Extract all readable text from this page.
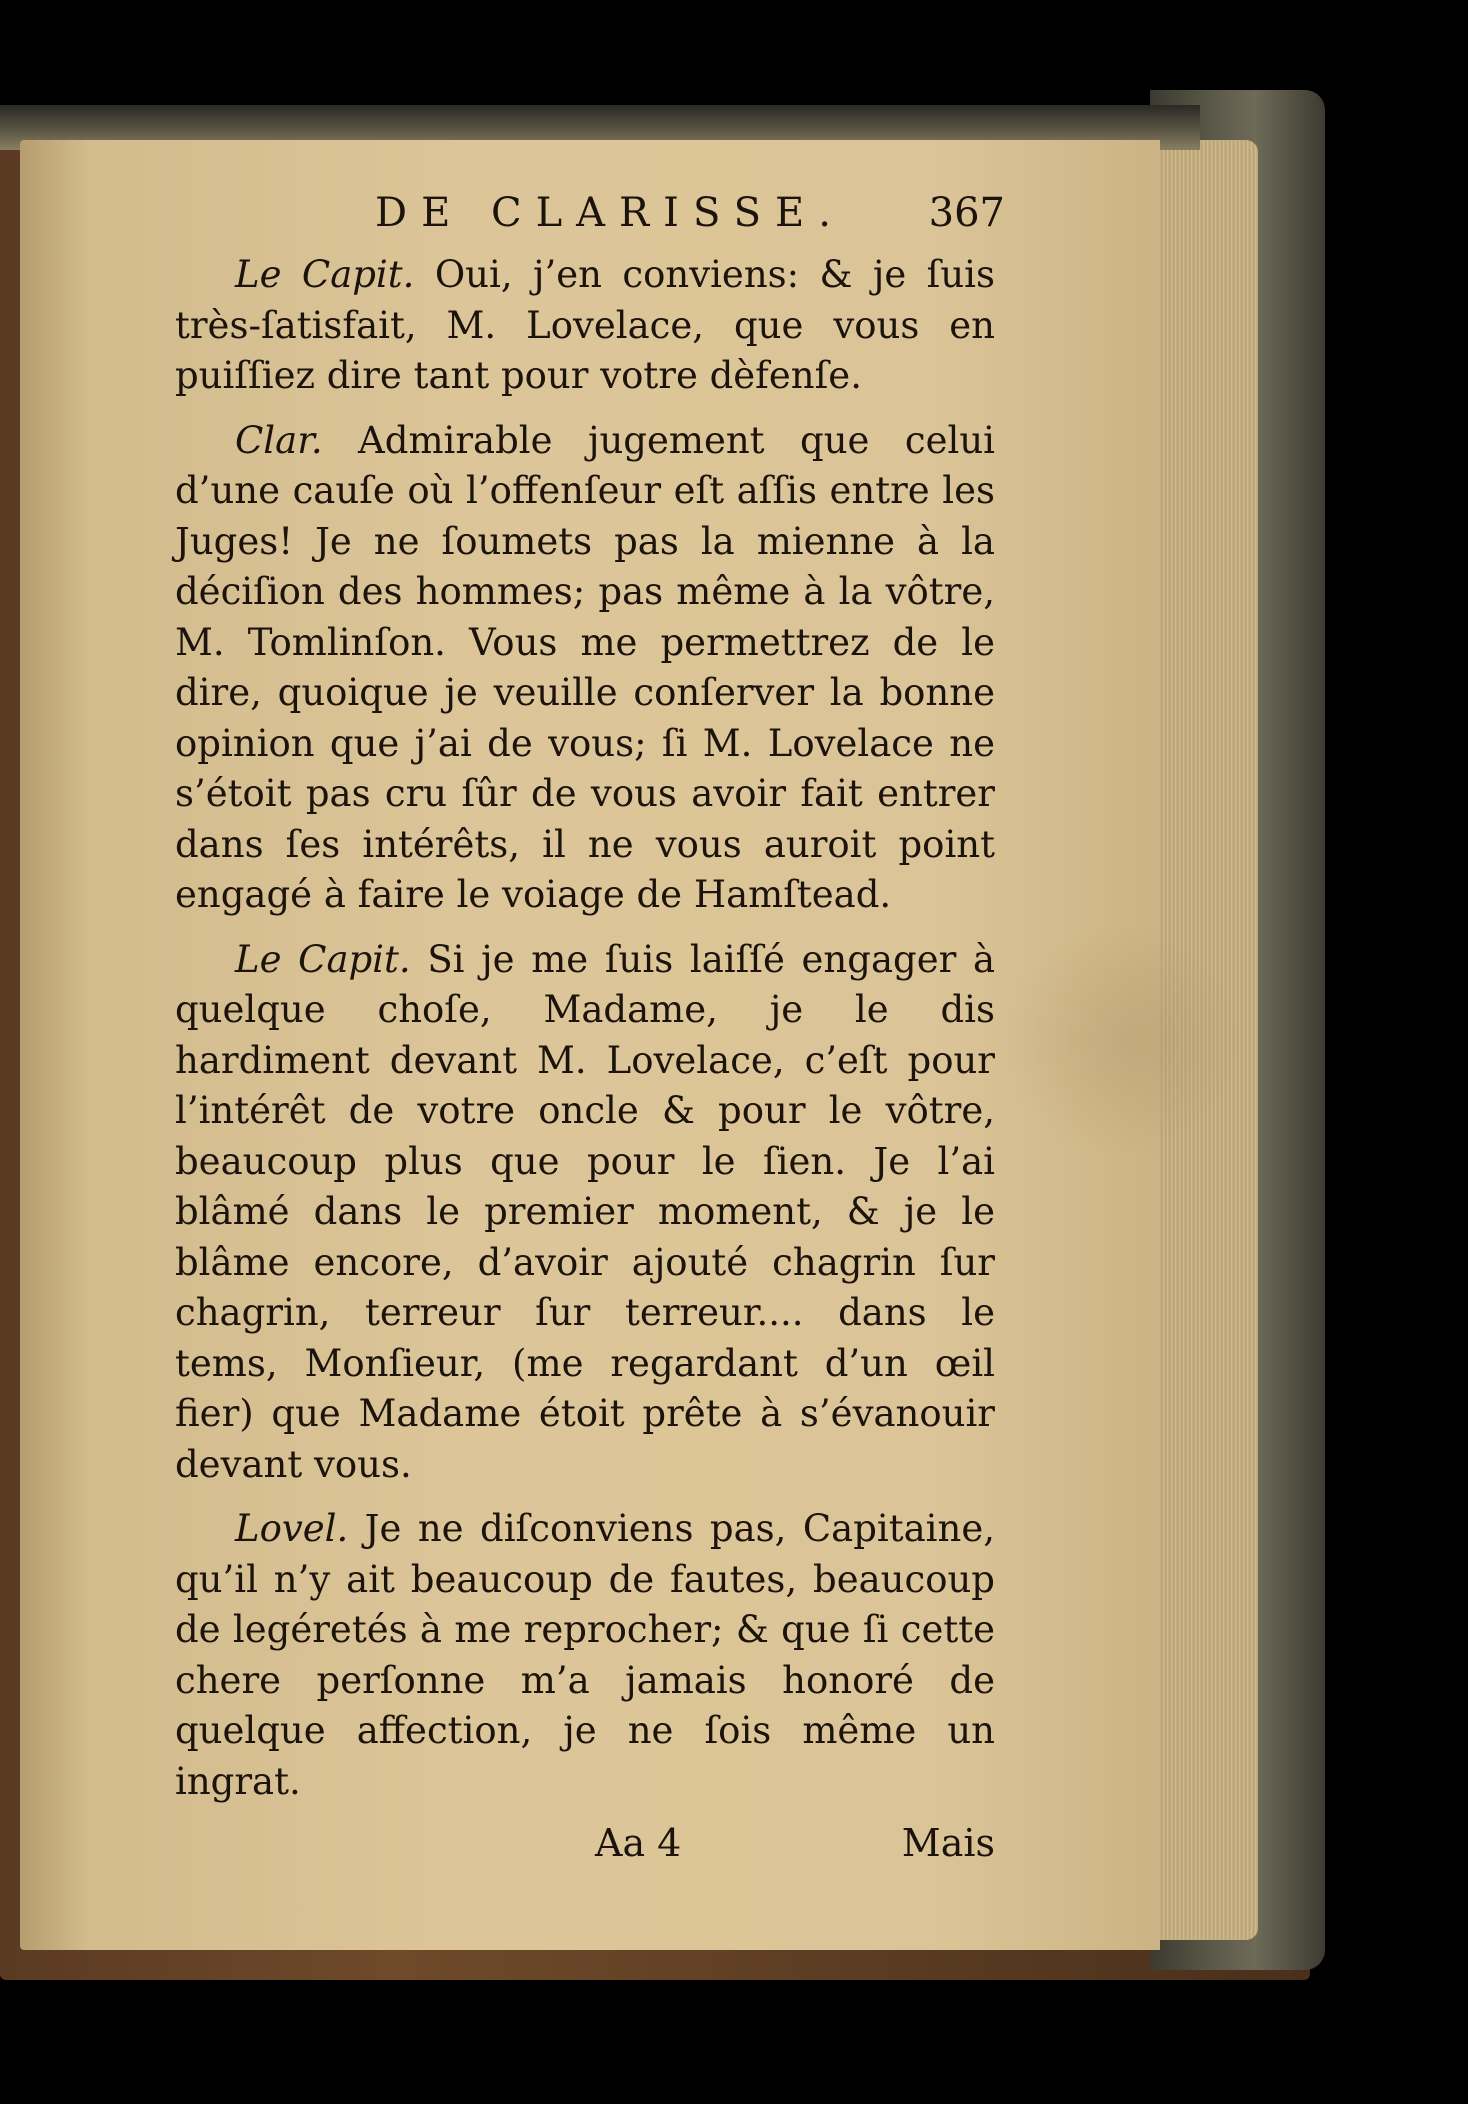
DE CLARISSE. 367

Le Capit. Oui, j’en conviens: & je ſuis très-ſatisfait, M. Lovelace, que vous en puiſſiez dire tant pour votre dèfenſe.

Clar. Admirable jugement que celui d’une cauſe où l’offenſeur eſt aſſis entre les Juges! Je ne ſoumets pas la mienne à la déciſion des hommes; pas même à la vôtre, M. Tomlinſon. Vous me permettrez de le dire, quoique je veuille conſerver la bonne opinion que j’ai de vous; ſi M. Lovelace ne s’étoit pas cru ſûr de vous avoir fait entrer dans ſes intérêts, il ne vous auroit point engagé à faire le voiage de Hamſtead.

Le Capit. Si je me ſuis laiſſé engager à quelque choſe, Madame, je le dis hardiment devant M. Lovelace, c’eſt pour l’intérêt de votre oncle & pour le vôtre, beaucoup plus que pour le ſien. Je l’ai blâmé dans le premier moment, & je le blâme encore, d’avoir ajouté chagrin ſur chagrin, terreur ſur terreur.... dans le tems, Monſieur, (me regardant d’un œil fier) que Madame étoit prête à s’évanouir devant vous.

Lovel. Je ne diſconviens pas, Capitaine, qu’il n’y ait beaucoup de fautes, beaucoup de legéretés à me reprocher; & que ſi cette chere perſonne m’a jamais honoré de quelque affection, je ne ſois même un ingrat.

Aa 4	Mais
